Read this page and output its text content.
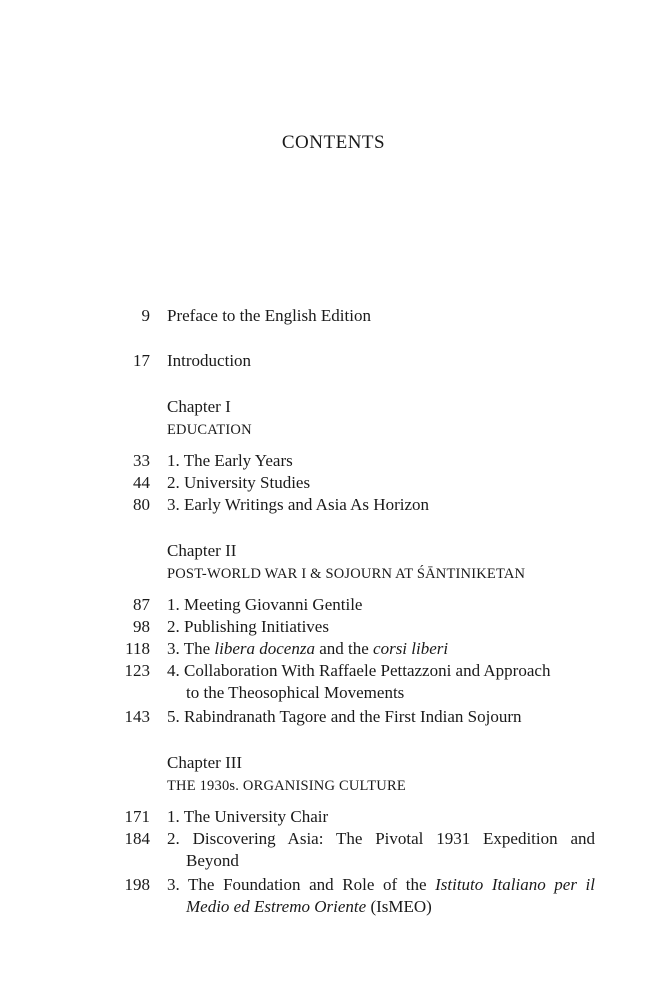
CONTENTS
9 Preface to the English Edition
17 Introduction
Chapter I
EDUCATION
33 1. The Early Years
44 2. University Studies
80 3. Early Writings and Asia As Horizon
Chapter II
POST-WORLD WAR I & SOJOURN AT ŚĀNTINIKETAN
87 1. Meeting Giovanni Gentile
98 2. Publishing Initiatives
118 3. The libera docenza and the corsi liberi
123 4. Collaboration With Raffaele Pettazzoni and Approach
to the Theosophical Movements
143 5. Rabindranath Tagore and the First Indian Sojourn
Chapter III
THE 1930s. ORGANISING CULTURE
171 1. The University Chair
184 2. Discovering Asia: The Pivotal 1931 Expedition and
Beyond
198 3. The Foundation and Role of the Istituto Italiano per il
Medio ed Estremo Oriente (IsMEO)
